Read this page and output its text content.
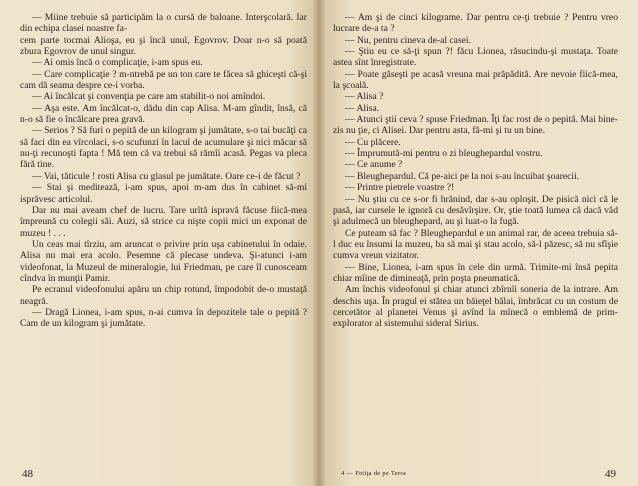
— Miine trebuie să participăm la o cursă de baloane. Interşcolară. Iar din echipa clasei noastre fa-

cem parte tocmai Alioşa, eu şi încă unul, Egovrov. Doar n-o să poată zbura Egovrov de unul singur.

— Ai omis încă o complicaţie, i-am spus eu.

— Care complicaţie ? m-ntrebă pe un ton care te făcea să ghiceşti că-şi cam dă seama despre ce-i vorba.

— Ai încălcat şi convenţia pe care am stabilit-o noi amîndoi.

— Aşa este. Am încălcat-o, dădu din cap Alisa. M-am gîndit, însă, că n-o să fie o încălcare prea gravă.

— Serios ? Să furi o pepită de un kilogram şi jumătate, s-o tai bucăţi ca să faci din ea vîrcolaci, s-o scufunzi în lacul de acumulare şi nici măcar să nu-ţi recunoşti fapta ! Mă tem că va trebui să rămîi acasă. Pegas va pleca fără tine.

— Vai, tăticule ! rosti Alisa cu glasul pe jumătate. Oare ce-i de făcut ?

— Stai şi meditează, i-am spus, apoi m-am dus în cabinet să-mi isprăvesc articolul.

Dar nu mai aveam chef de lucru. Tare urîtă ispravă făcuse fiică-mea împreună cu colegii săi. Auzi, să strice ca nişte copii mici un exponat de muzeu ! . . .

Un ceas mai tîrziu, am aruncat o privire prin uşa cabinetului în odaie. Alisa nu mai era acolo. Pesemne că plecase undeva. Şi-atunci i-am videofonat, la Muzeul de mineralogie, lui Friedman, pe care îl cunosceam cîndva în munţii Pamir.

Pe ecranul videofonului apăru un chip rotund, împodobit de-o mustaţă neagră.

— Dragă Lionea, i-am spus, n-ai cumva în depozitele tale o pepită ? Cam de un kilogram şi jumătate.

48

— Am şi de cinci kilograme. Dar pentru ce-ţi trebuie ? Pentru vreo lucrare de-a ta ?

— Nu, pentru cineva de-al casei.

— Ştiu eu ce să-ţi spun ?! făcu Lionea, răsucindu-şi mustaţa. Toate astea sînt înregistrate.

— Poate găseşti pe acasă vreuna mai prăpădită. Are nevoie fiică-mea, la şcoală.

— Alisa ?

— Alisa.

— Atunci ştii ceva ? spuse Friedman. Îţi fac rost de o pepită. Mai bine-zis nu ţie, ci Alisei. Dar pentru asta, fă-mi şi tu un bine.

— Cu plăcere.

— Împrumută-mi pentru o zi bleughepardul vostru.

— Ce anume ?

— Bleughepardul. Că pe-aici pe la noi s-au încuibat şoarecii.

— Printre pietrele voastre ?!

— Nu ştiu cu ce s-or fi hrănind, dar s-au oploşit. De pisică nici că le pasă, iar cursele le ignoră cu desăvîrşire. Or, ştie toată lumea că dacă văd şi adulmecă un bleughepard, au şi luat-o la fugă.

Ce puteam să fac ? Bleughepardul e un animal rar, de aceea trebuia să-l duc eu însumi la muzeu, ba să mai şi stau acolo, să-l păzesc, să nu sfîşie cumva vreun vizitator.

— Bine, Lionea, i-am spus în cele din urmă. Trimite-mi însă pepita chiar mîine de dimineaţă, prin poşta pneumatică.

Am închis videofonul şi chiar atunci zbîrnîi soneria de la intrare. Am deschis uşa. În pragul ei stătea un băieţel bălai, îmbrăcat cu un costum de cercetător al planetei Venus şi avînd la mînecă o emblemă de prim-explorator al sistemului sideral Sirius.

4 — Fetiţa de pe Terra	49
